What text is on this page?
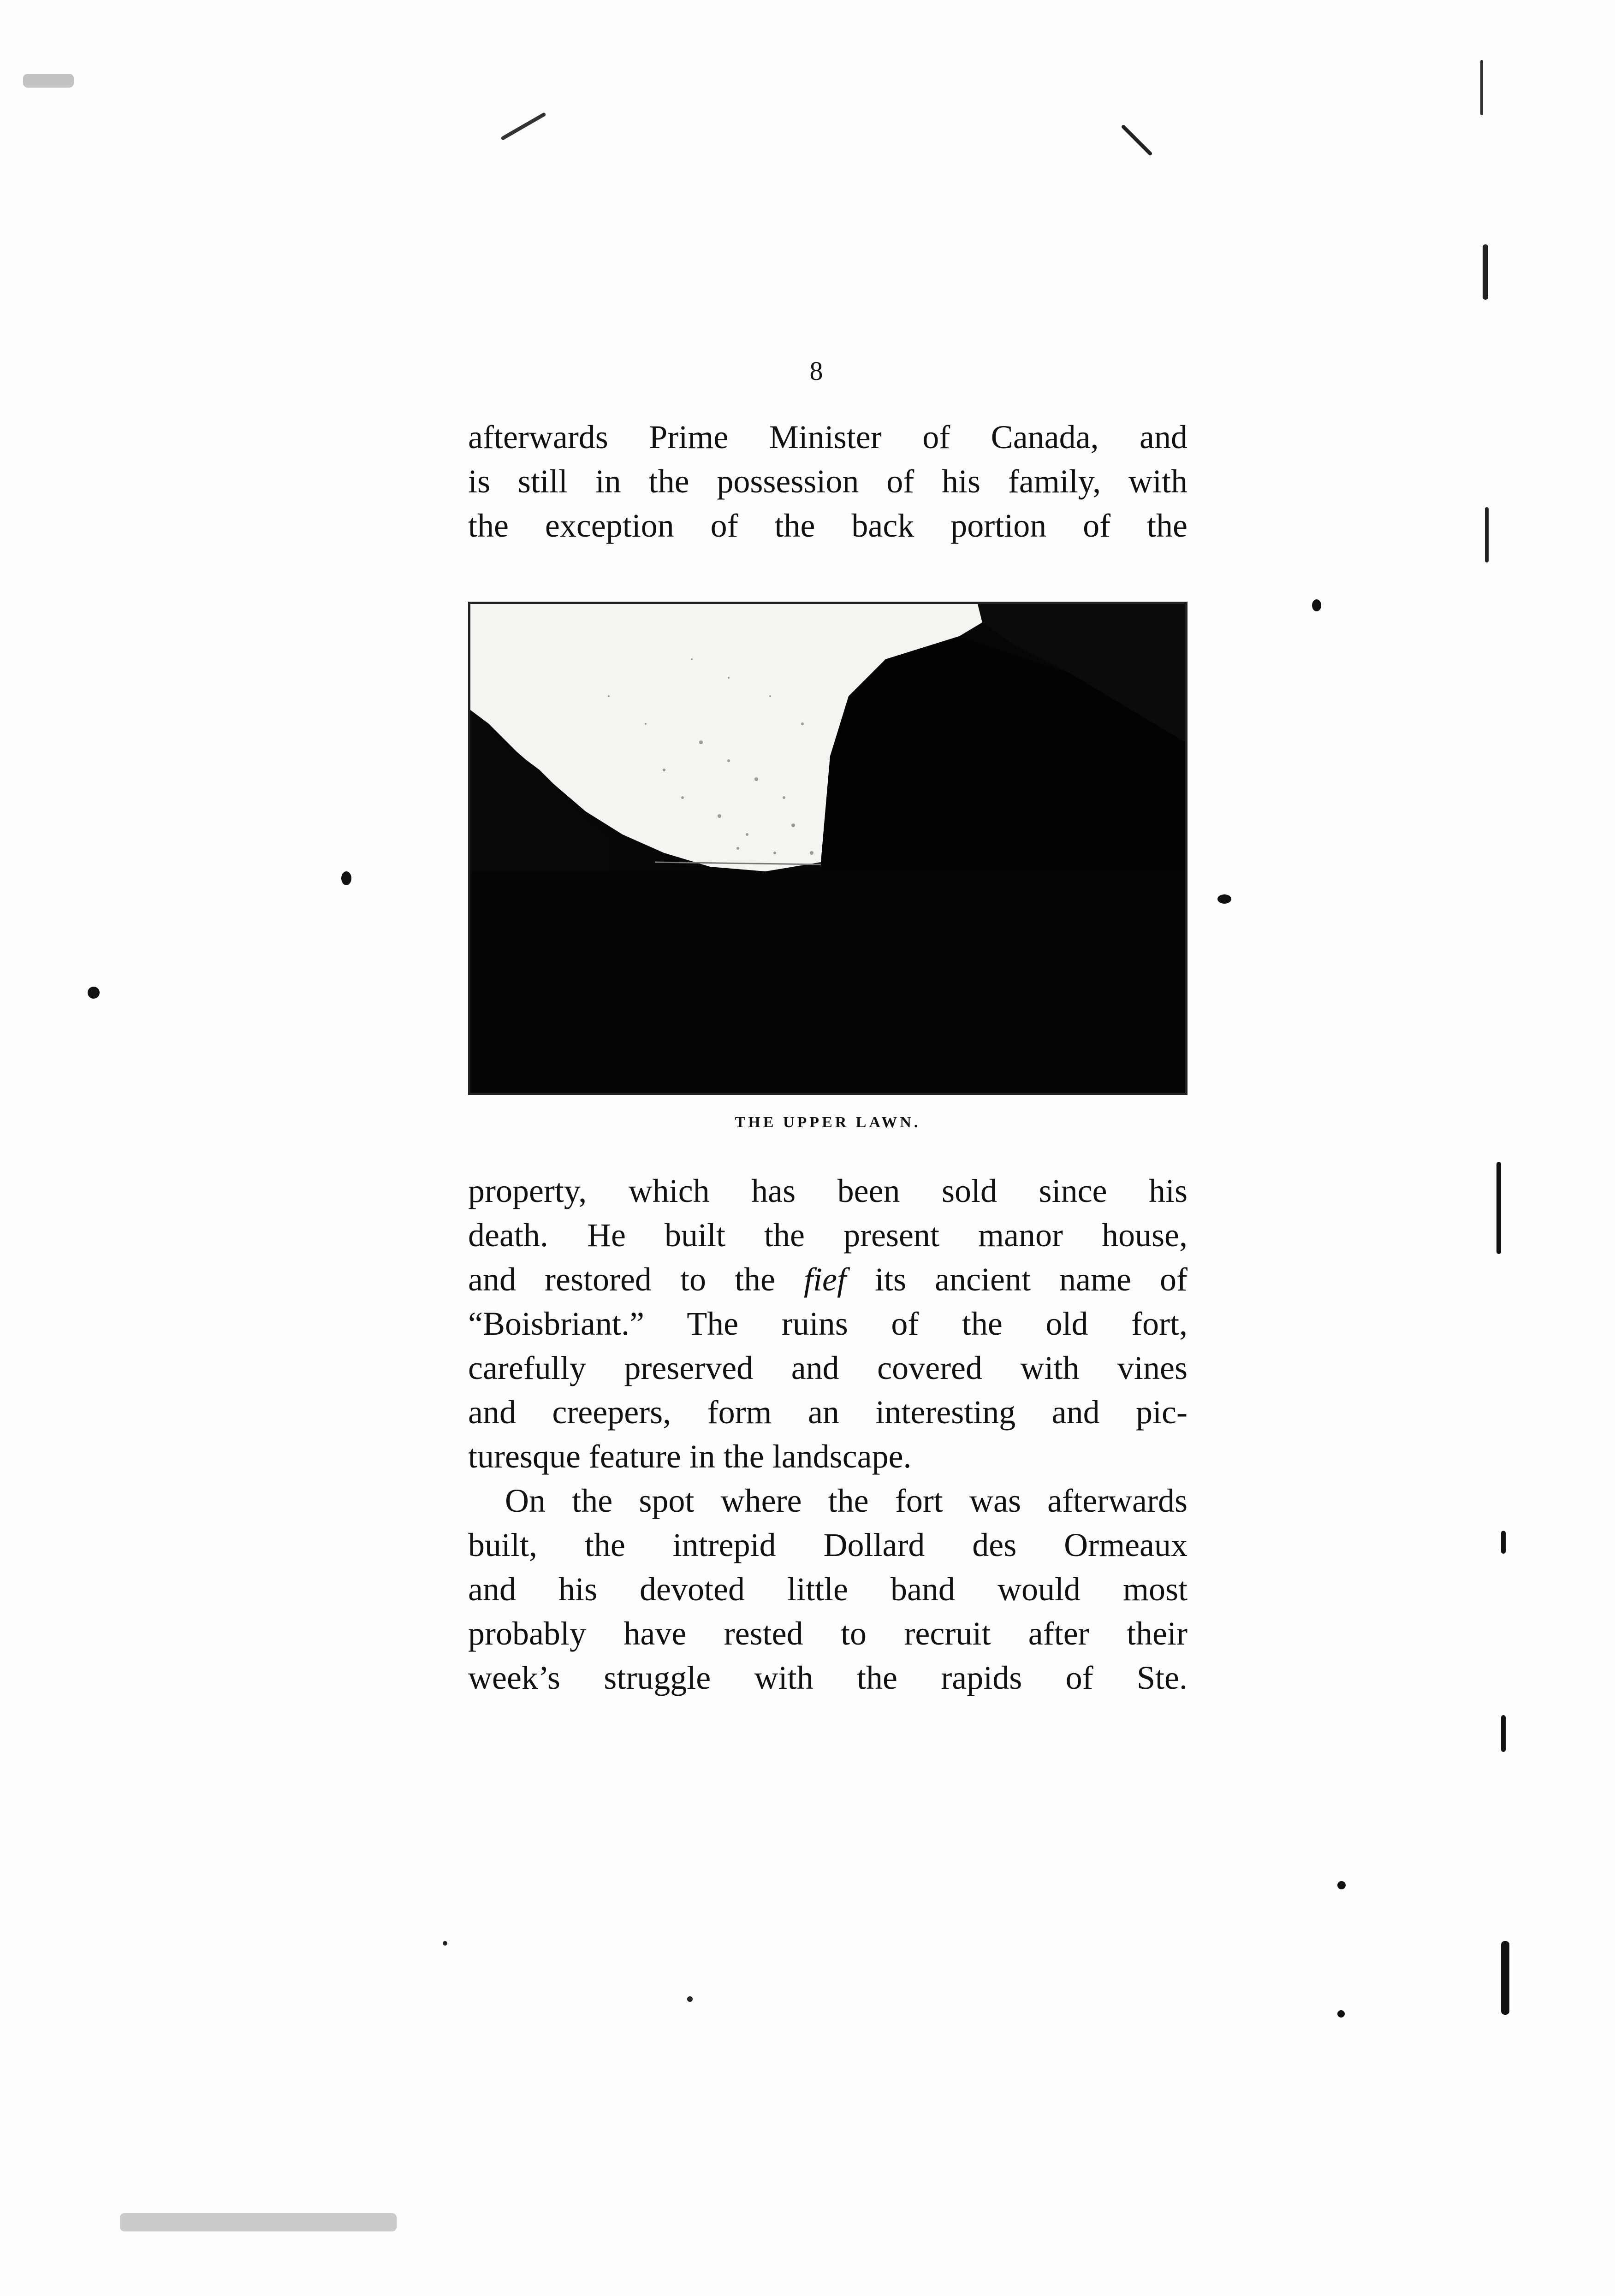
8
afterwards Prime Minister of Canada, and
is still in the possession of his family, with
the exception of the back portion of the
THE UPPER LAWN.
property, which has been sold since his
death. He built the present manor house,
and restored to the fief its ancient name of
“Boisbriant.” The ruins of the old fort,
carefully preserved and covered with vines
and creepers, form an interesting and pic-
turesque feature in the landscape.
On the spot where the fort was afterwards
built, the intrepid Dollard des Ormeaux
and his devoted little band would most
probably have rested to recruit after their
week’s struggle with the rapids of Ste.
